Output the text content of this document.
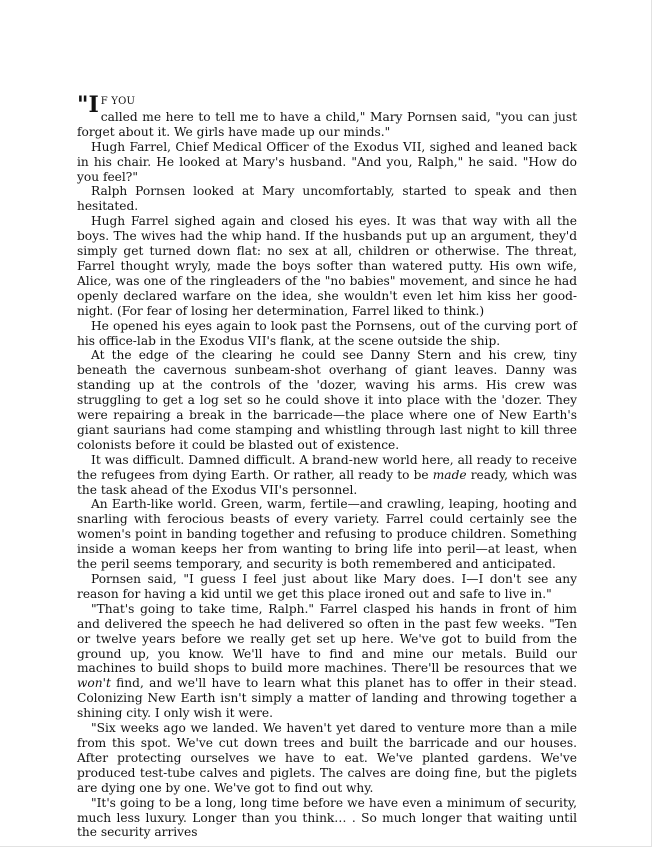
"I F YOU
called me here to tell me to have a child," Mary Pornsen said, "you can just forget about it. We girls have made up our minds."

Hugh Farrel, Chief Medical Officer of the Exodus VII, sighed and leaned back in his chair. He looked at Mary's husband. "And you, Ralph," he said. "How do you feel?"

Ralph Pornsen looked at Mary uncomfortably, started to speak and then hesitated.

Hugh Farrel sighed again and closed his eyes. It was that way with all the boys. The wives had the whip hand. If the husbands put up an argument, they'd simply get turned down flat: no sex at all, children or otherwise. The threat, Farrel thought wryly, made the boys softer than watered putty. His own wife, Alice, was one of the ringleaders of the "no babies" movement, and since he had openly declared warfare on the idea, she wouldn't even let him kiss her good-night. (For fear of losing her determination, Farrel liked to think.)

He opened his eyes again to look past the Pornsens, out of the curving port of his office-lab in the Exodus VII's flank, at the scene outside the ship.

At the edge of the clearing he could see Danny Stern and his crew, tiny beneath the cavernous sunbeam-shot overhang of giant leaves. Danny was standing up at the controls of the 'dozer, waving his arms. His crew was struggling to get a log set so he could shove it into place with the 'dozer. They were repairing a break in the barricade—the place where one of New Earth's giant saurians had come stamping and whistling through last night to kill three colonists before it could be blasted out of existence.

It was difficult. Damned difficult. A brand-new world here, all ready to receive the refugees from dying Earth. Or rather, all ready to be made ready, which was the task ahead of the Exodus VII's personnel.

An Earth-like world. Green, warm, fertile—and crawling, leaping, hooting and snarling with ferocious beasts of every variety. Farrel could certainly see the women's point in banding together and refusing to produce children. Something inside a woman keeps her from wanting to bring life into peril—at least, when the peril seems temporary, and security is both remembered and anticipated.

Pornsen said, "I guess I feel just about like Mary does. I—I don't see any reason for having a kid until we get this place ironed out and safe to live in."

"That's going to take time, Ralph." Farrel clasped his hands in front of him and delivered the speech he had delivered so often in the past few weeks. "Ten or twelve years before we really get set up here. We've got to build from the ground up, you know. We'll have to find and mine our metals. Build our machines to build shops to build more machines. There'll be resources that we won't find, and we'll have to learn what this planet has to offer in their stead. Colonizing New Earth isn't simply a matter of landing and throwing together a shining city. I only wish it were.

"Six weeks ago we landed. We haven't yet dared to venture more than a mile from this spot. We've cut down trees and built the barricade and our houses. After protecting ourselves we have to eat. We've planted gardens. We've produced test-tube calves and piglets. The calves are doing fine, but the piglets are dying one by one. We've got to find out why.

"It's going to be a long, long time before we have even a minimum of security, much less luxury. Longer than you think… . So much longer that waiting until the security arrives
